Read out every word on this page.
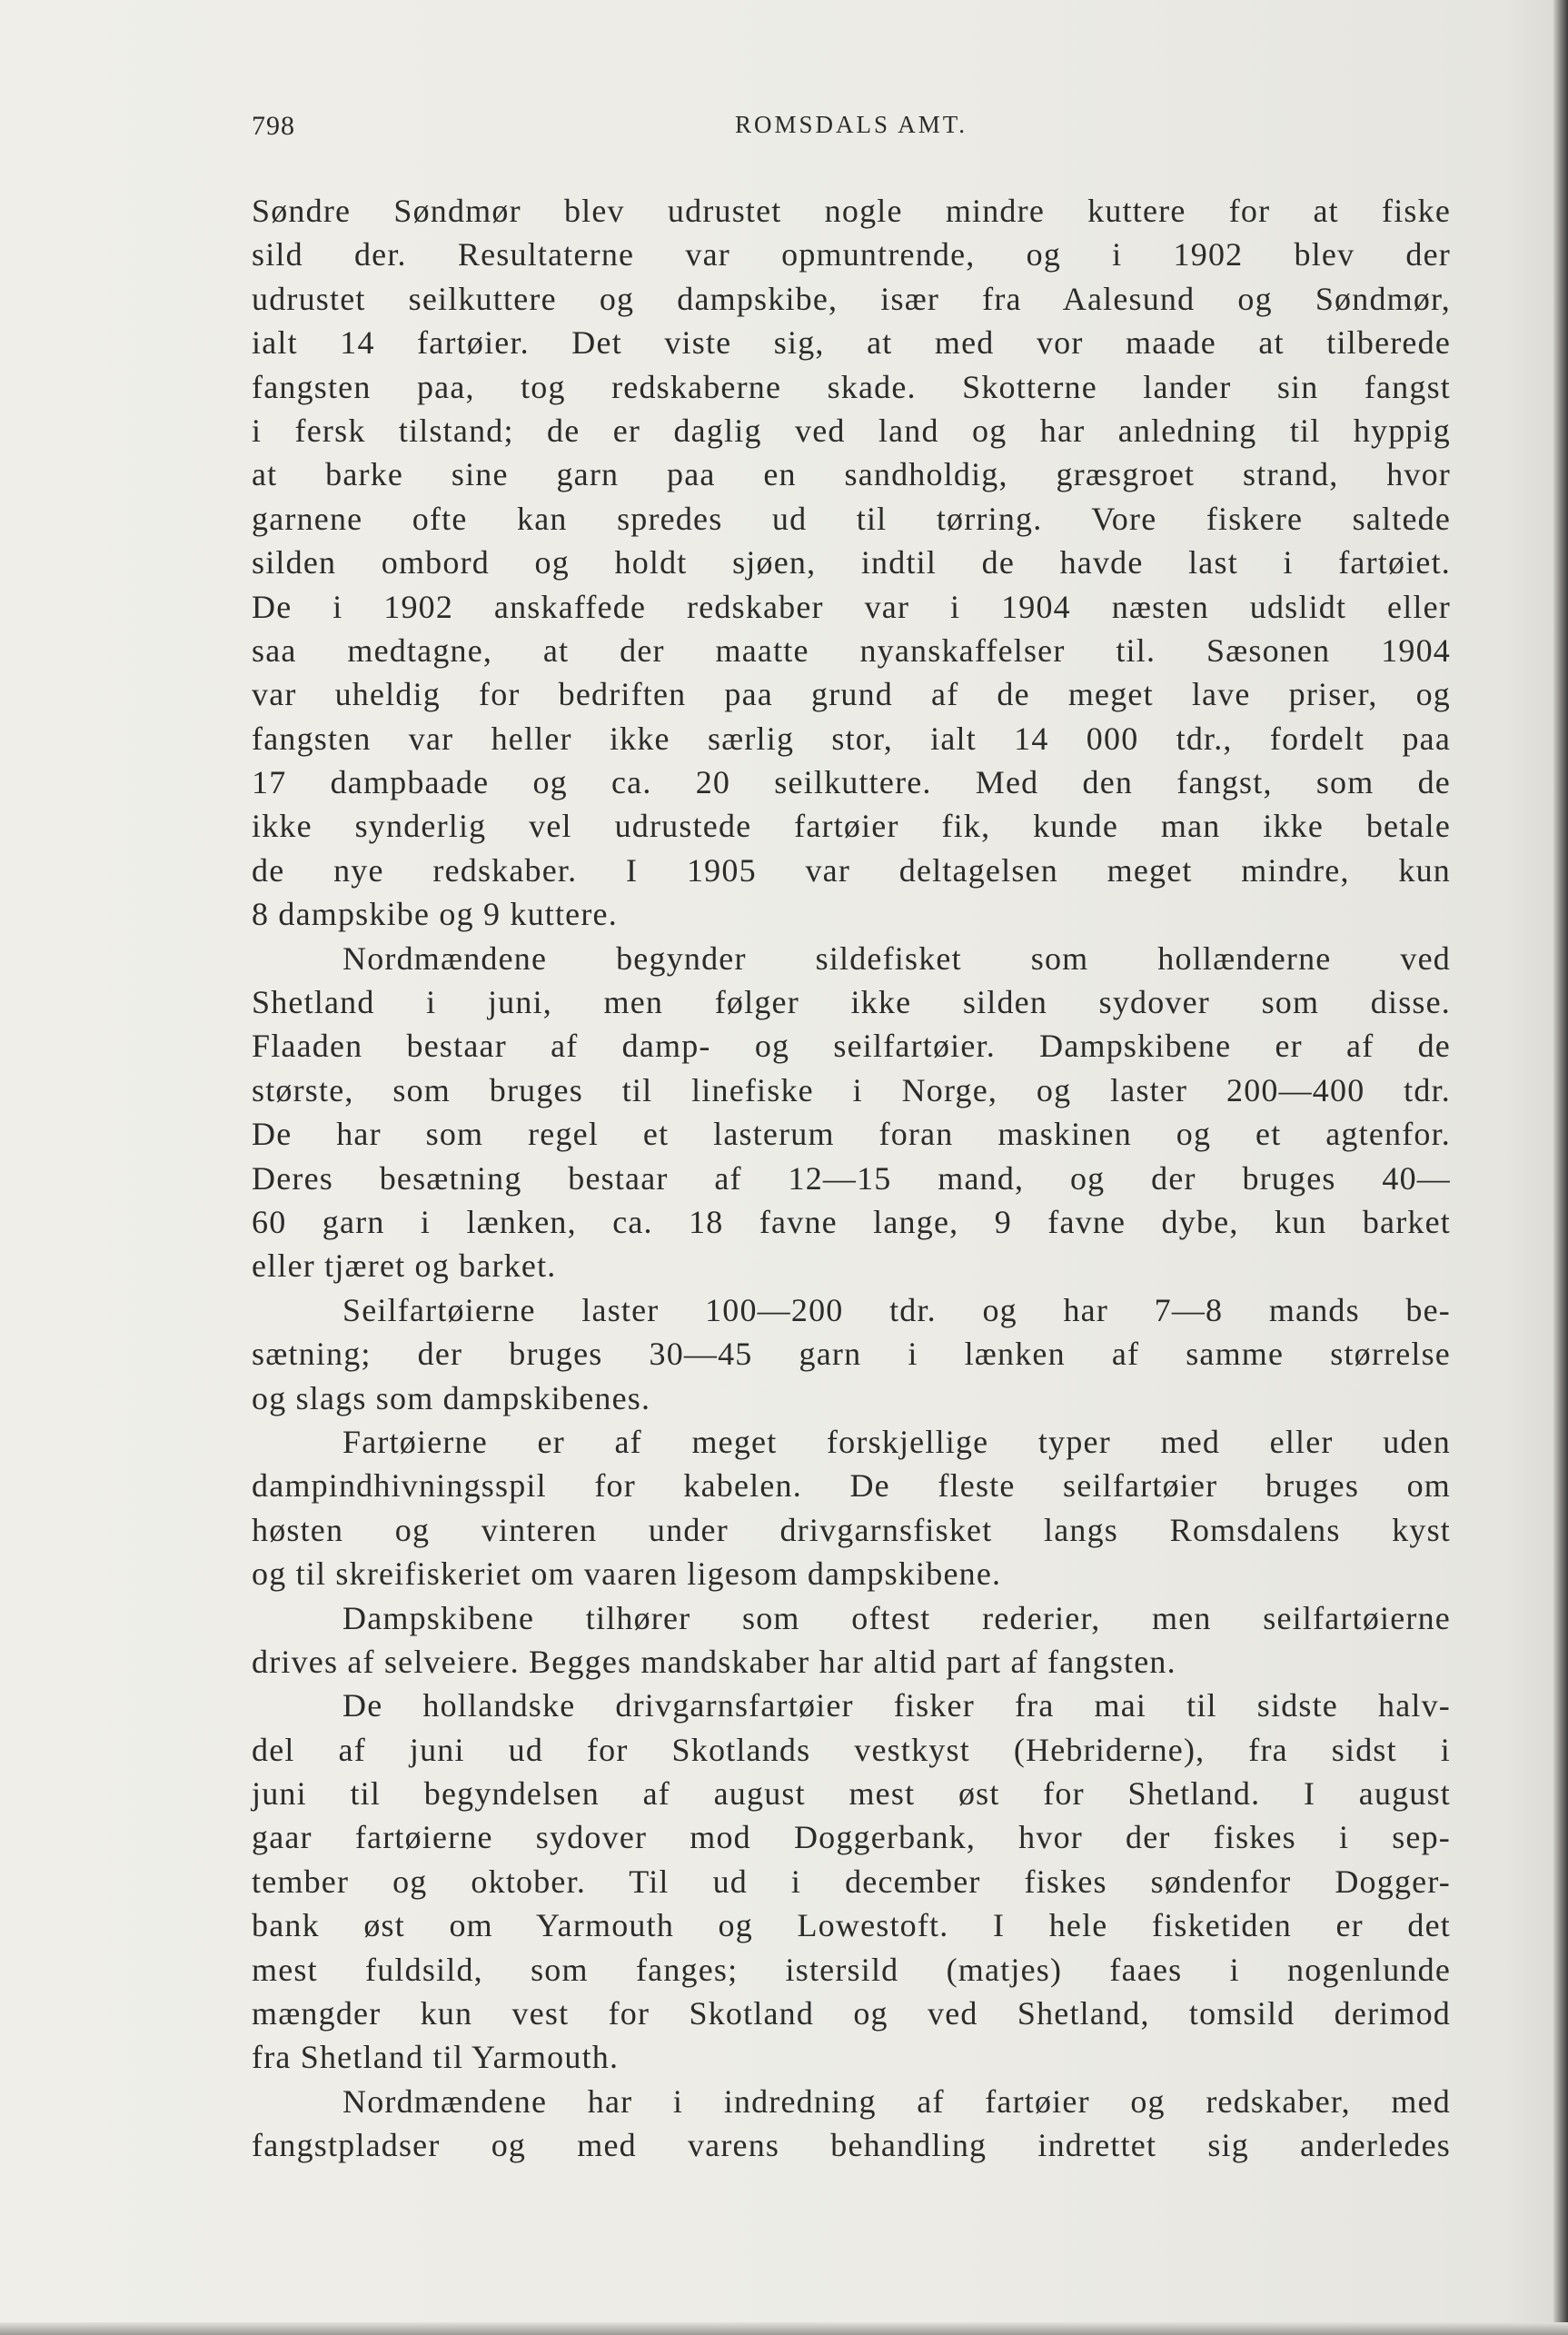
798	ROMSDALS AMT.
Søndre Søndmør blev udrustet nogle mindre kuttere for at fiske
sild der. Resultaterne var opmuntrende, og i 1902 blev der
udrustet seilkuttere og dampskibe, især fra Aalesund og Søndmør,
ialt 14 fartøier. Det viste sig, at med vor maade at tilberede
fangsten paa, tog redskaberne skade. Skotterne lander sin fangst
i fersk tilstand; de er daglig ved land og har anledning til hyppig
at barke sine garn paa en sandholdig, græsgroet strand, hvor
garnene ofte kan spredes ud til tørring. Vore fiskere saltede
silden ombord og holdt sjøen, indtil de havde last i fartøiet.
De i 1902 anskaffede redskaber var i 1904 næsten udslidt eller
saa medtagne, at der maatte nyanskaffelser til. Sæsonen 1904
var uheldig for bedriften paa grund af de meget lave priser, og
fangsten var heller ikke særlig stor, ialt 14 000 tdr., fordelt paa
17 dampbaade og ca. 20 seilkuttere. Med den fangst, som de
ikke synderlig vel udrustede fartøier fik, kunde man ikke betale
de nye redskaber. I 1905 var deltagelsen meget mindre, kun
8 dampskibe og 9 kuttere.
Nordmændene begynder sildefisket som hollænderne ved
Shetland i juni, men følger ikke silden sydover som disse.
Flaaden bestaar af damp- og seilfartøier. Dampskibene er af de
største, som bruges til linefiske i Norge, og laster 200—400 tdr.
De har som regel et lasterum foran maskinen og et agtenfor.
Deres besætning bestaar af 12—15 mand, og der bruges 40—
60 garn i lænken, ca. 18 favne lange, 9 favne dybe, kun barket
eller tjæret og barket.
Seilfartøierne laster 100—200 tdr. og har 7—8 mands be-
sætning; der bruges 30—45 garn i lænken af samme størrelse
og slags som dampskibenes.
Fartøierne er af meget forskjellige typer med eller uden
dampindhivningsspil for kabelen. De fleste seilfartøier bruges om
høsten og vinteren under drivgarnsfisket langs Romsdalens kyst
og til skreifiskeriet om vaaren ligesom dampskibene.
Dampskibene tilhører som oftest rederier, men seilfartøierne
drives af selveiere. Begges mandskaber har altid part af fangsten.
De hollandske drivgarnsfartøier fisker fra mai til sidste halv-
del af juni ud for Skotlands vestkyst (Hebriderne), fra sidst i
juni til begyndelsen af august mest øst for Shetland. I august
gaar fartøierne sydover mod Doggerbank, hvor der fiskes i sep-
tember og oktober. Til ud i december fiskes søndenfor Dogger-
bank øst om Yarmouth og Lowestoft. I hele fisketiden er det
mest fuldsild, som fanges; istersild (matjes) faaes i nogenlunde
mængder kun vest for Skotland og ved Shetland, tomsild derimod
fra Shetland til Yarmouth.
Nordmændene har i indredning af fartøier og redskaber, med
fangstpladser og med varens behandling indrettet sig anderledes
